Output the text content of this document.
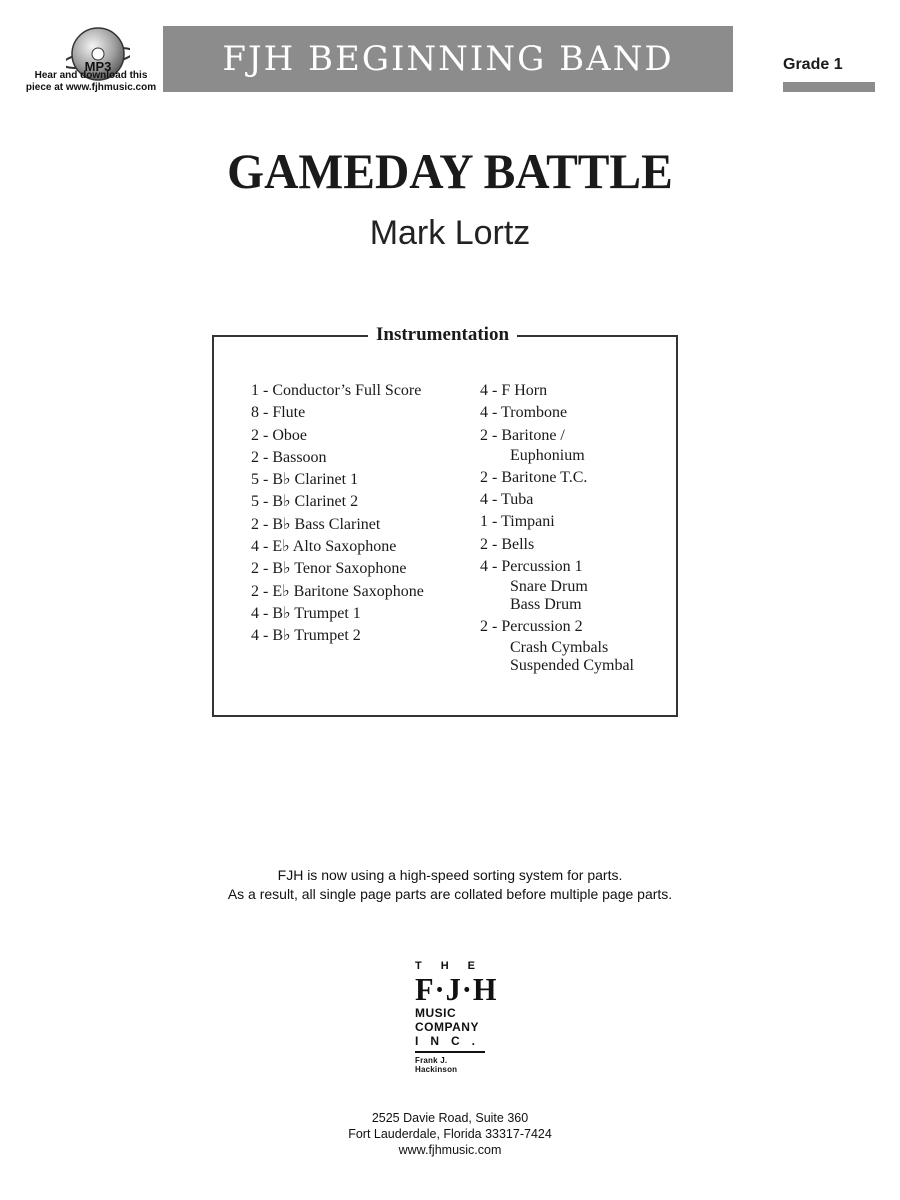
MP3
Hear and download this
piece at www.fjhmusic.com
FJH BEGINNING BAND	Grade 1
GAMEDAY BATTLE
Mark Lortz
Instrumentation
1 - Conductor’s Full Score
8 - Flute
2 - Oboe
2 - Bassoon
5 - B♭ Clarinet 1
5 - B♭ Clarinet 2
2 - B♭ Bass Clarinet
4 - E♭ Alto Saxophone
2 - B♭ Tenor Saxophone
2 - E♭ Baritone Saxophone
4 - B♭ Trumpet 1
4 - B♭ Trumpet 2
4 - F Horn
4 - Trombone
2 - Baritone /
Euphonium
2 - Baritone T.C.
4 - Tuba
1 - Timpani
2 - Bells
4 - Percussion 1
Snare Drum
Bass Drum
2 - Percussion 2
Crash Cymbals
Suspended Cymbal
FJH is now using a high-speed sorting system for parts.
As a result, all single page parts are collated before multiple page parts.
THE
F·J·H
MUSIC
COMPANY
INC.
Frank J. Hackinson
2525 Davie Road, Suite 360
Fort Lauderdale, Florida 33317-7424
www.fjhmusic.com
